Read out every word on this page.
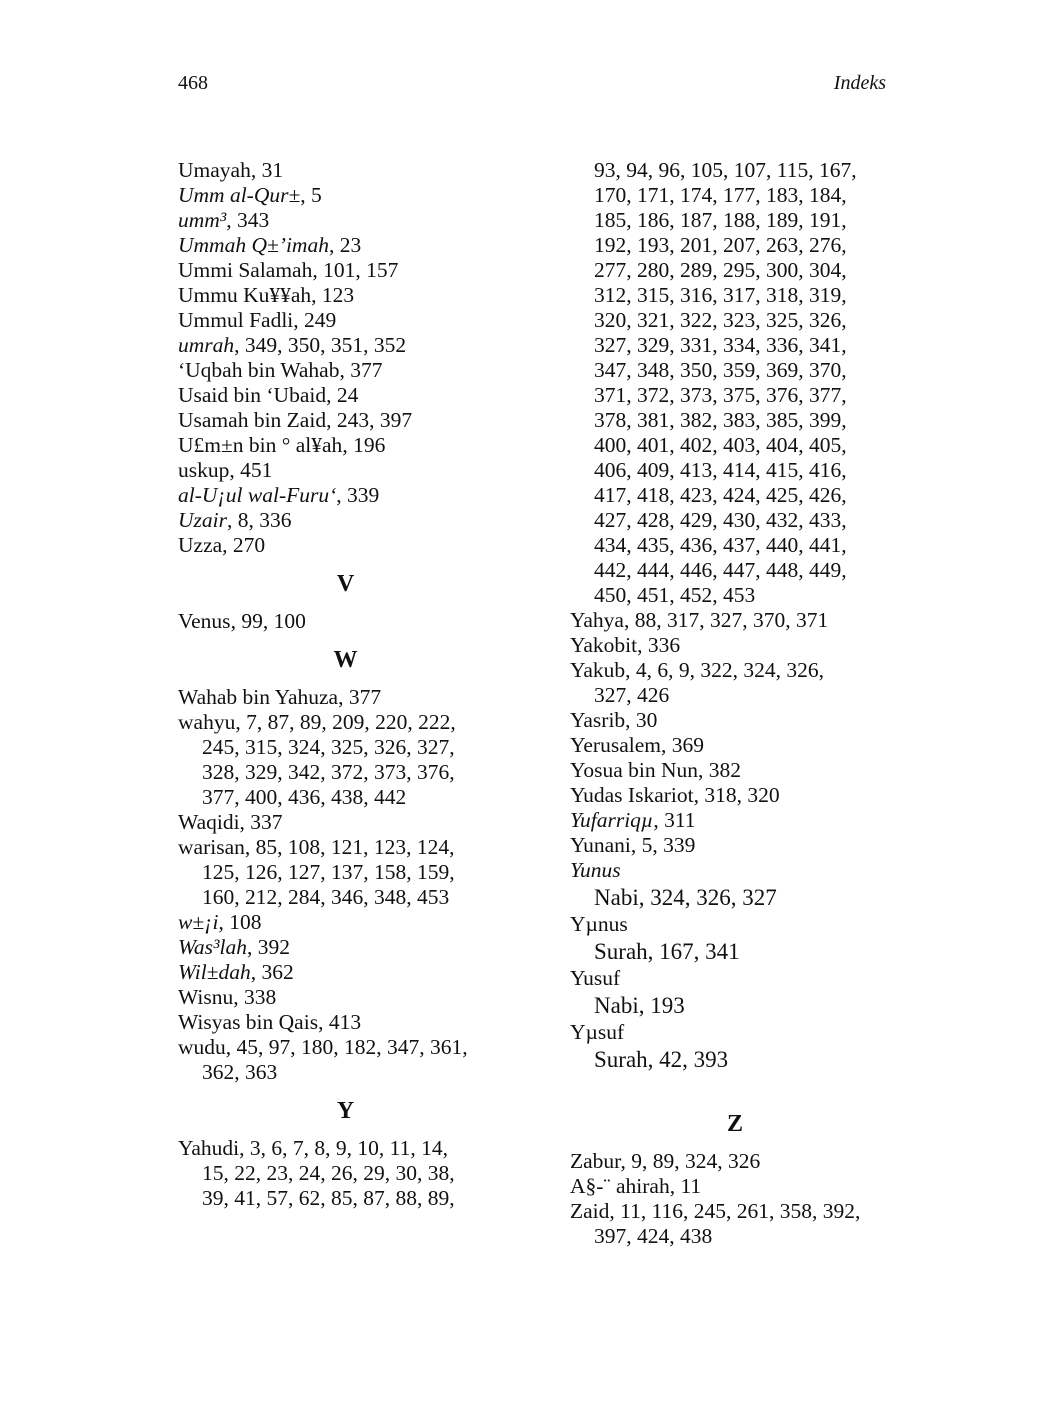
468	Indeks
Umayah, 31
Umm al-Qur±, 5
umm³, 343
Ummah Q±’imah, 23
Ummi Salamah, 101, 157
Ummu Ku¥¥ah, 123
Ummul Fadli, 249
umrah, 349, 350, 351, 352
‘Uqbah bin Wahab, 377
Usaid bin ‘Ubaid, 24
Usamah bin Zaid, 243, 397
U£m±n bin ° al¥ah, 196
uskup, 451
al-U¡ul wal-Furu‘, 339
Uzair, 8, 336
Uzza, 270
V
Venus, 99, 100
W
Wahab bin Yahuza, 377
wahyu, 7, 87, 89, 209, 220, 222,
245, 315, 324, 325, 326, 327,
328, 329, 342, 372, 373, 376,
377, 400, 436, 438, 442
Waqidi, 337
warisan, 85, 108, 121, 123, 124,
125, 126, 127, 137, 158, 159,
160, 212, 284, 346, 348, 453
w±¡i, 108
Was³lah, 392
Wil±dah, 362
Wisnu, 338
Wisyas bin Qais, 413
wudu, 45, 97, 180, 182, 347, 361,
362, 363
Y
Yahudi, 3, 6, 7, 8, 9, 10, 11, 14,
15, 22, 23, 24, 26, 29, 30, 38,
39, 41, 57, 62, 85, 87, 88, 89,
93, 94, 96, 105, 107, 115, 167,
170, 171, 174, 177, 183, 184,
185, 186, 187, 188, 189, 191,
192, 193, 201, 207, 263, 276,
277, 280, 289, 295, 300, 304,
312, 315, 316, 317, 318, 319,
320, 321, 322, 323, 325, 326,
327, 329, 331, 334, 336, 341,
347, 348, 350, 359, 369, 370,
371, 372, 373, 375, 376, 377,
378, 381, 382, 383, 385, 399,
400, 401, 402, 403, 404, 405,
406, 409, 413, 414, 415, 416,
417, 418, 423, 424, 425, 426,
427, 428, 429, 430, 432, 433,
434, 435, 436, 437, 440, 441,
442, 444, 446, 447, 448, 449,
450, 451, 452, 453
Yahya, 88, 317, 327, 370, 371
Yakobit, 336
Yakub, 4, 6, 9, 322, 324, 326,
327, 426
Yasrib, 30
Yerusalem, 369
Yosua bin Nun, 382
Yudas Iskariot, 318, 320
Yufarriqµ, 311
Yunani, 5, 339
Yunus
Nabi, 324, 326, 327
Yµnus
Surah, 167, 341
Yusuf
Nabi, 193
Yµsuf
Surah, 42, 393
Z
Zabur, 9, 89, 324, 326
A§-¨ ahirah, 11
Zaid, 11, 116, 245, 261, 358, 392,
397, 424, 438
